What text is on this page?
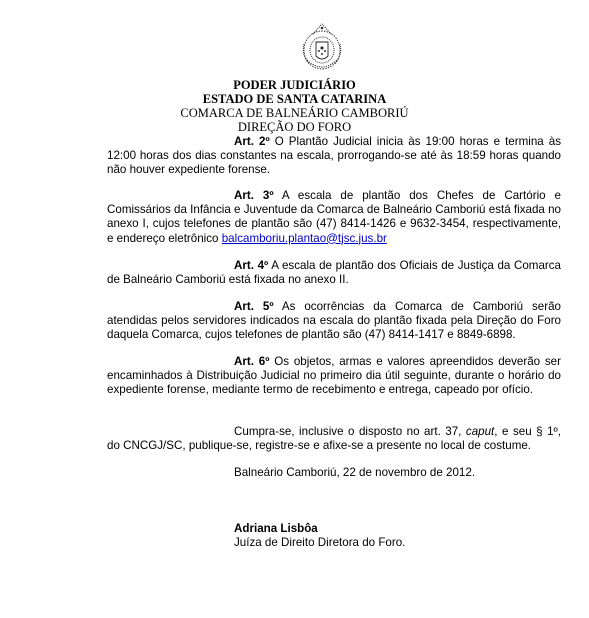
PODER JUDICIÁRIO
ESTADO DE SANTA CATARINA
COMARCA DE BALNEÁRIO CAMBORIÚ
DIREÇÃO DO FORO

Art. 2º O Plantão Judicial inicia às 19:00 horas e termina às 12:00 horas dos dias constantes na escala, prorrogando-se até às 18:59 horas quando não houver expediente forense.

Art. 3º A escala de plantão dos Chefes de Cartório e Comissários da Infância e Juventude da Comarca de Balneário Camboriú está fixada no anexo I, cujos telefones de plantão são (47) 8414-1426 e 9632-3454, respectivamente, e endereço eletrônico balcamboriu.plantao@tjsc.jus.br

Art. 4º A escala de plantão dos Oficiais de Justiça da Comarca de Balneário Camboriú está fixada no anexo II.

Art. 5º As ocorrências da Comarca de Camboriú serão atendidas pelos servidores indicados na escala do plantão fixada pela Direção do Foro daquela Comarca, cujos telefones de plantão são (47) 8414-1417 e 8849-6898.

Art. 6º Os objetos, armas e valores apreendidos deverão ser encaminhados à Distribuição Judicial no primeiro dia útil seguinte, durante o horário do expediente forense, mediante termo de recebimento e entrega, capeado por ofício.

Cumpra-se, inclusive o disposto no art. 37, caput, e seu § 1º, do CNCGJ/SC, publique-se, registre-se e afixe-se a presente no local de costume.

Balneário Camboriú, 22 de novembro de 2012.

Adriana Lisbôa

Juíza de Direito Diretora do Foro.
